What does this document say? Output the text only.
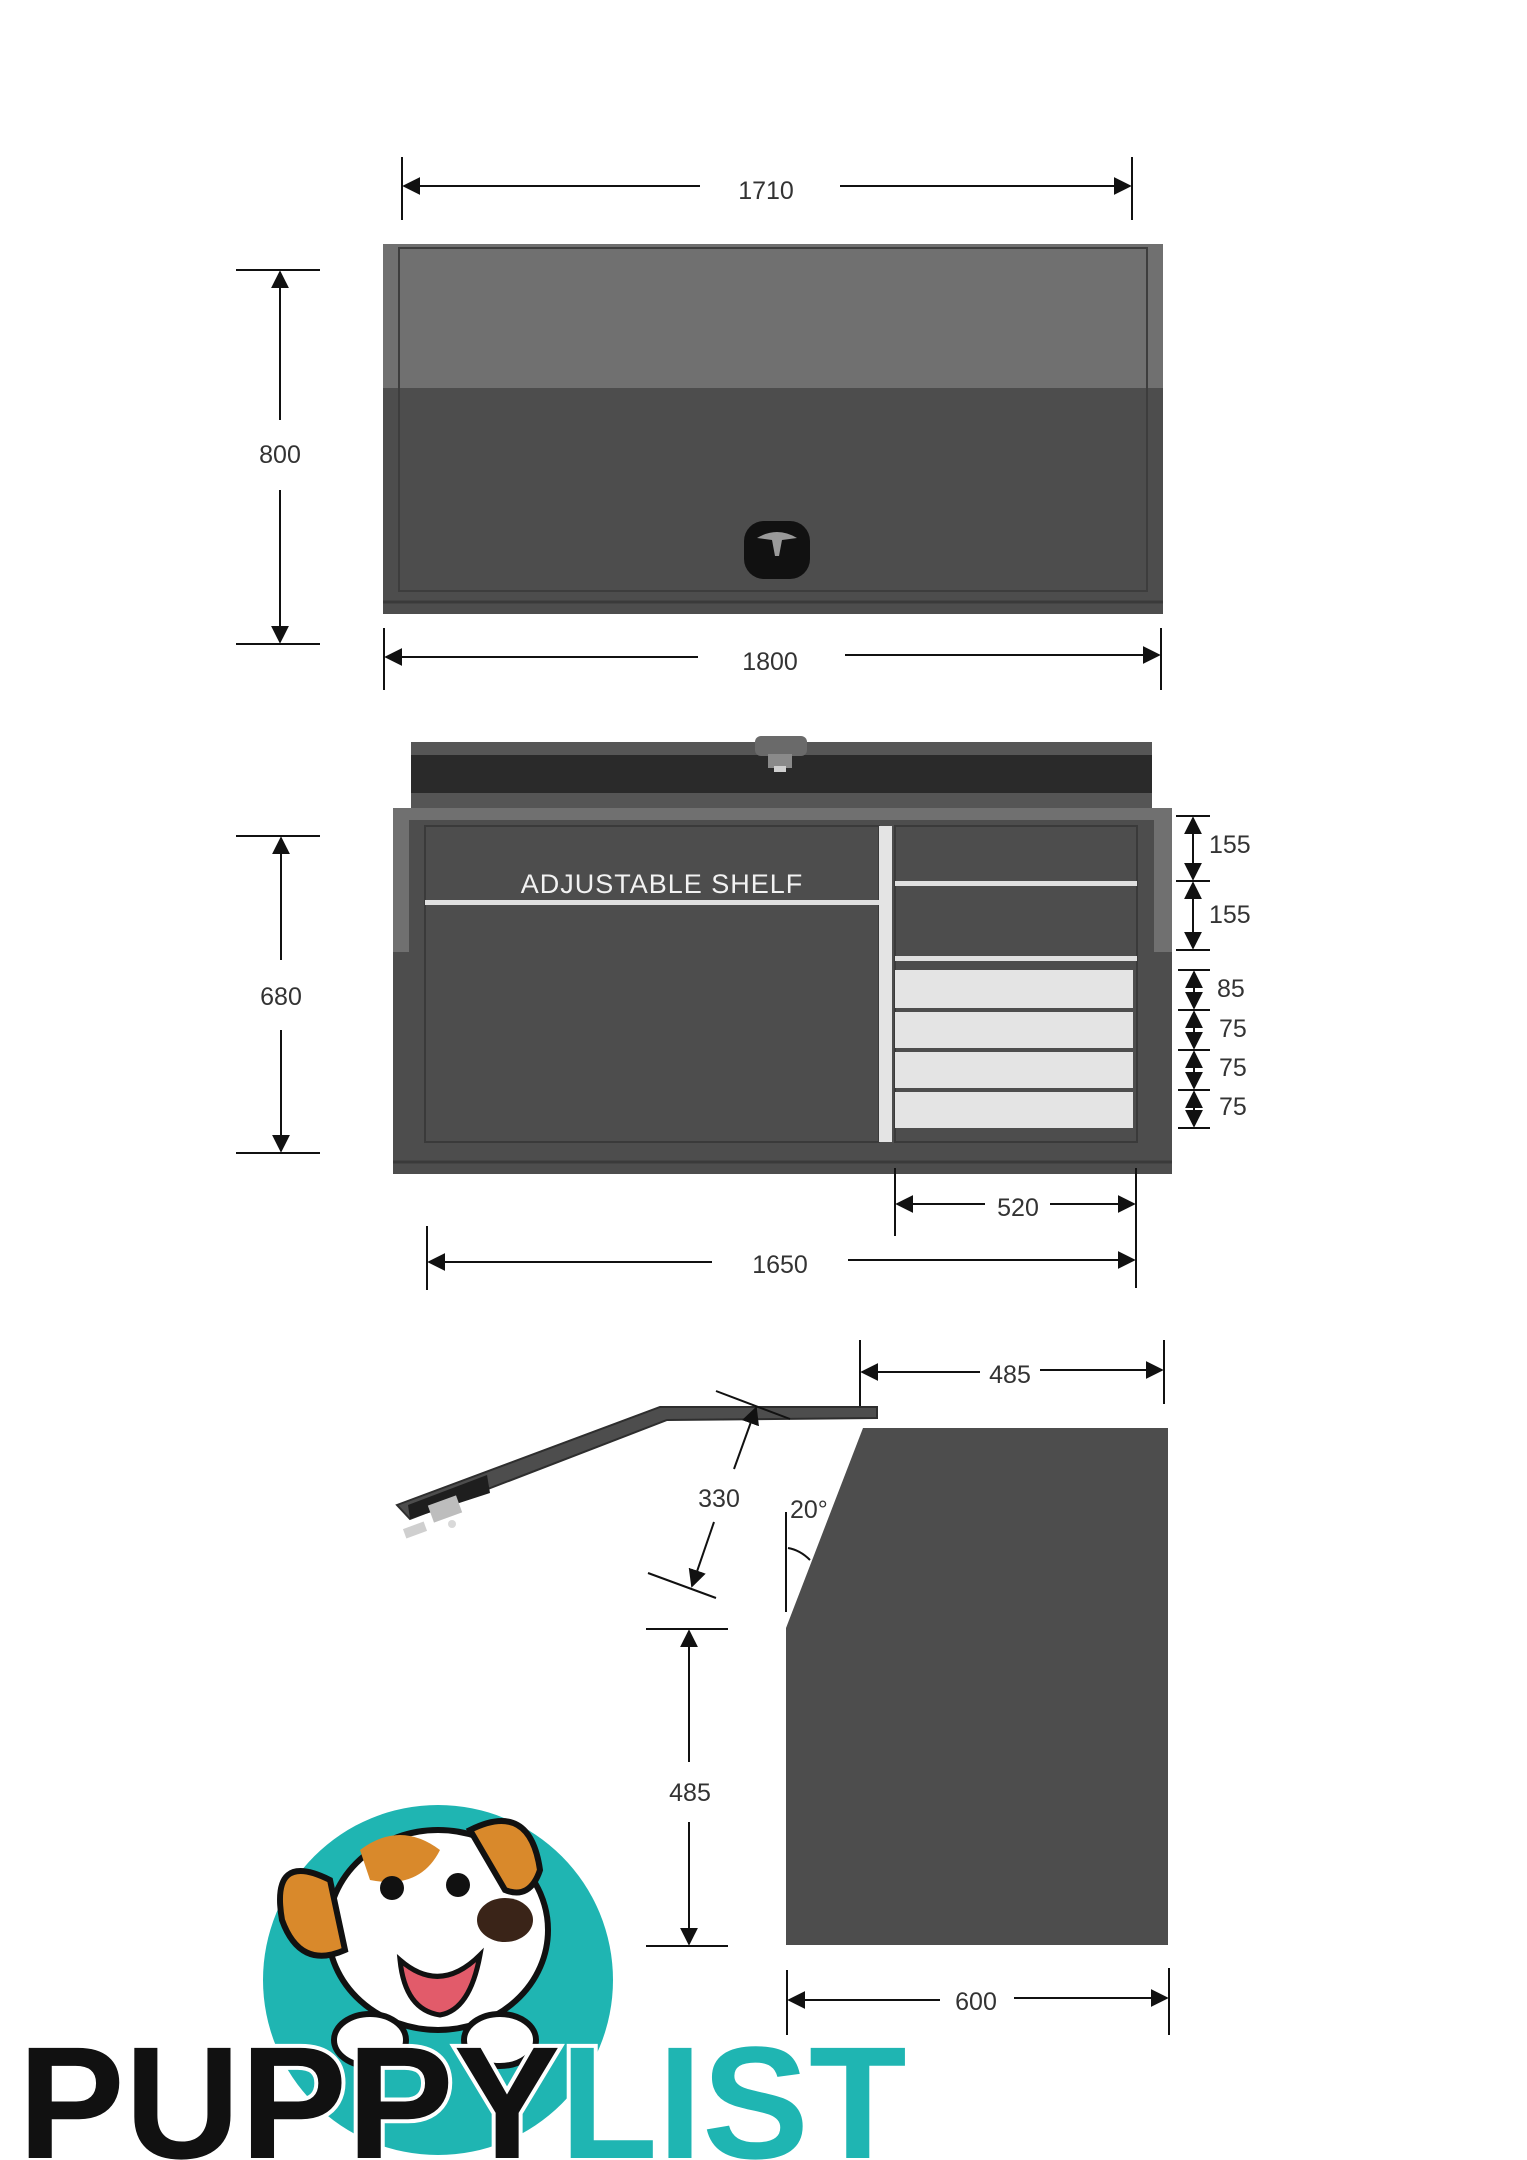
1710
800
1800
ADJUSTABLE SHELF
680
155
155
85
75
75
75
520
1650
485
330 20°
485
600
PUPPY LIST
